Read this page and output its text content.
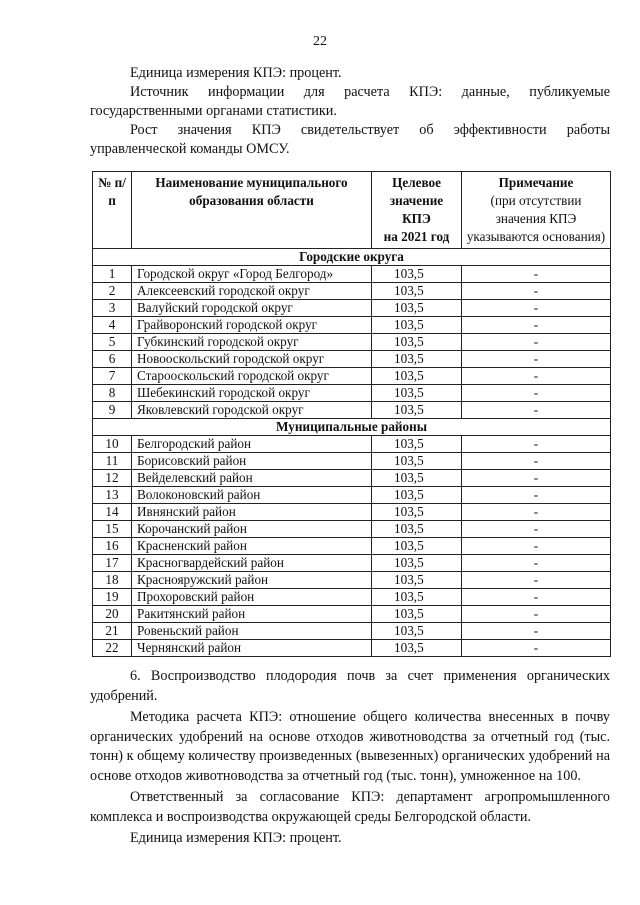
22

Единица измерения КПЭ: процент.

Источник информации для расчета КПЭ: данные, публикуемые государственными органами статистики.

Рост значения КПЭ свидетельствует об эффективности работы управленческой команды ОМСУ.

№ п/п	Наименование муниципального образования области	Целевое значение КПЭ
на 2021 год	Примечание
(при отсутствии значения КПЭ указываются основания)
Городские округа			
1	Городской округ «Город Белгород»	103,5	-
2	Алексеевский городской округ	103,5	-
3	Валуйский городской округ	103,5	-
4	Грайворонский городской округ	103,5	-
5	Губкинский городской округ	103,5	-
6	Новооскольский городской округ	103,5	-
7	Старооскольский городской округ	103,5	-
8	Шебекинский городской округ	103,5	-
9	Яковлевский городской округ	103,5	-
Муниципальные районы			
10	Белгородский район	103,5	-
11	Борисовский район	103,5	-
12	Вейделевский район	103,5	-
13	Волоконовский район	103,5	-
14	Ивнянский район	103,5	-
15	Корочанский район	103,5	-
16	Красненский район	103,5	-
17	Красногвардейский район	103,5	-
18	Краснояружский район	103,5	-
19	Прохоровский район	103,5	-
20	Ракитянский район	103,5	-
21	Ровеньский район	103,5	-
22	Чернянский район	103,5	-

6. Воспроизводство плодородия почв за счет применения органических удобрений.

Методика расчета КПЭ: отношение общего количества внесенных в почву органических удобрений на основе отходов животноводства за отчетный год (тыс. тонн) к общему количеству произведенных (вывезенных) органических удобрений на основе отходов животноводства за отчетный год (тыс. тонн), умноженное на 100.

Ответственный за согласование КПЭ: департамент агропромышленного комплекса и воспроизводства окружающей среды Белгородской области.

Единица измерения КПЭ: процент.
